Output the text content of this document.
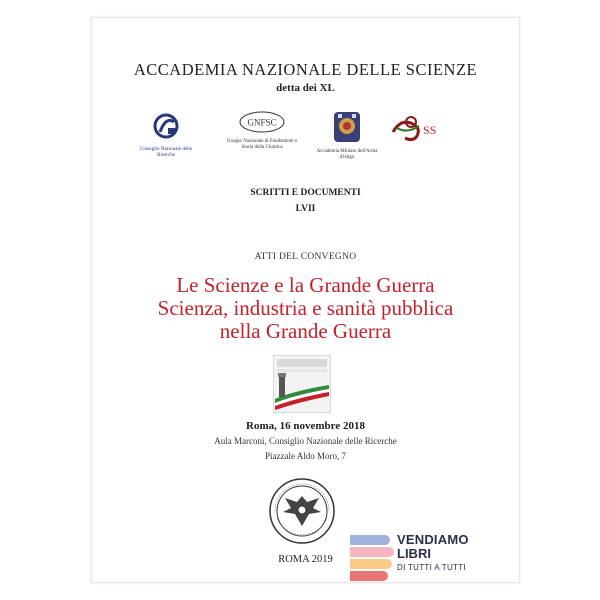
ACCADEMIA NAZIONALE DELLE SCIENZE
detta dei XL
Consiglio Nazionale delle Ricerche
GNFSC
Gruppo Nazionale di Fondamenti e Storia della Chimica
Accademia Militare dell'Arma d'Istigo
SS
SCRITTI E DOCUMENTI
LVII
ATTI DEL CONVEGNO
Le Scienze e la Grande Guerra
Scienza, industria e sanità pubblica
nella Grande Guerra
Roma, 16 novembre 2018
Aula Marconi, Consiglio Nazionale delle Ricerche
Piazzale Aldo Moro, 7
ROMA 2019
VENDIAMO
LIBRI
DI TUTTI A TUTTI
